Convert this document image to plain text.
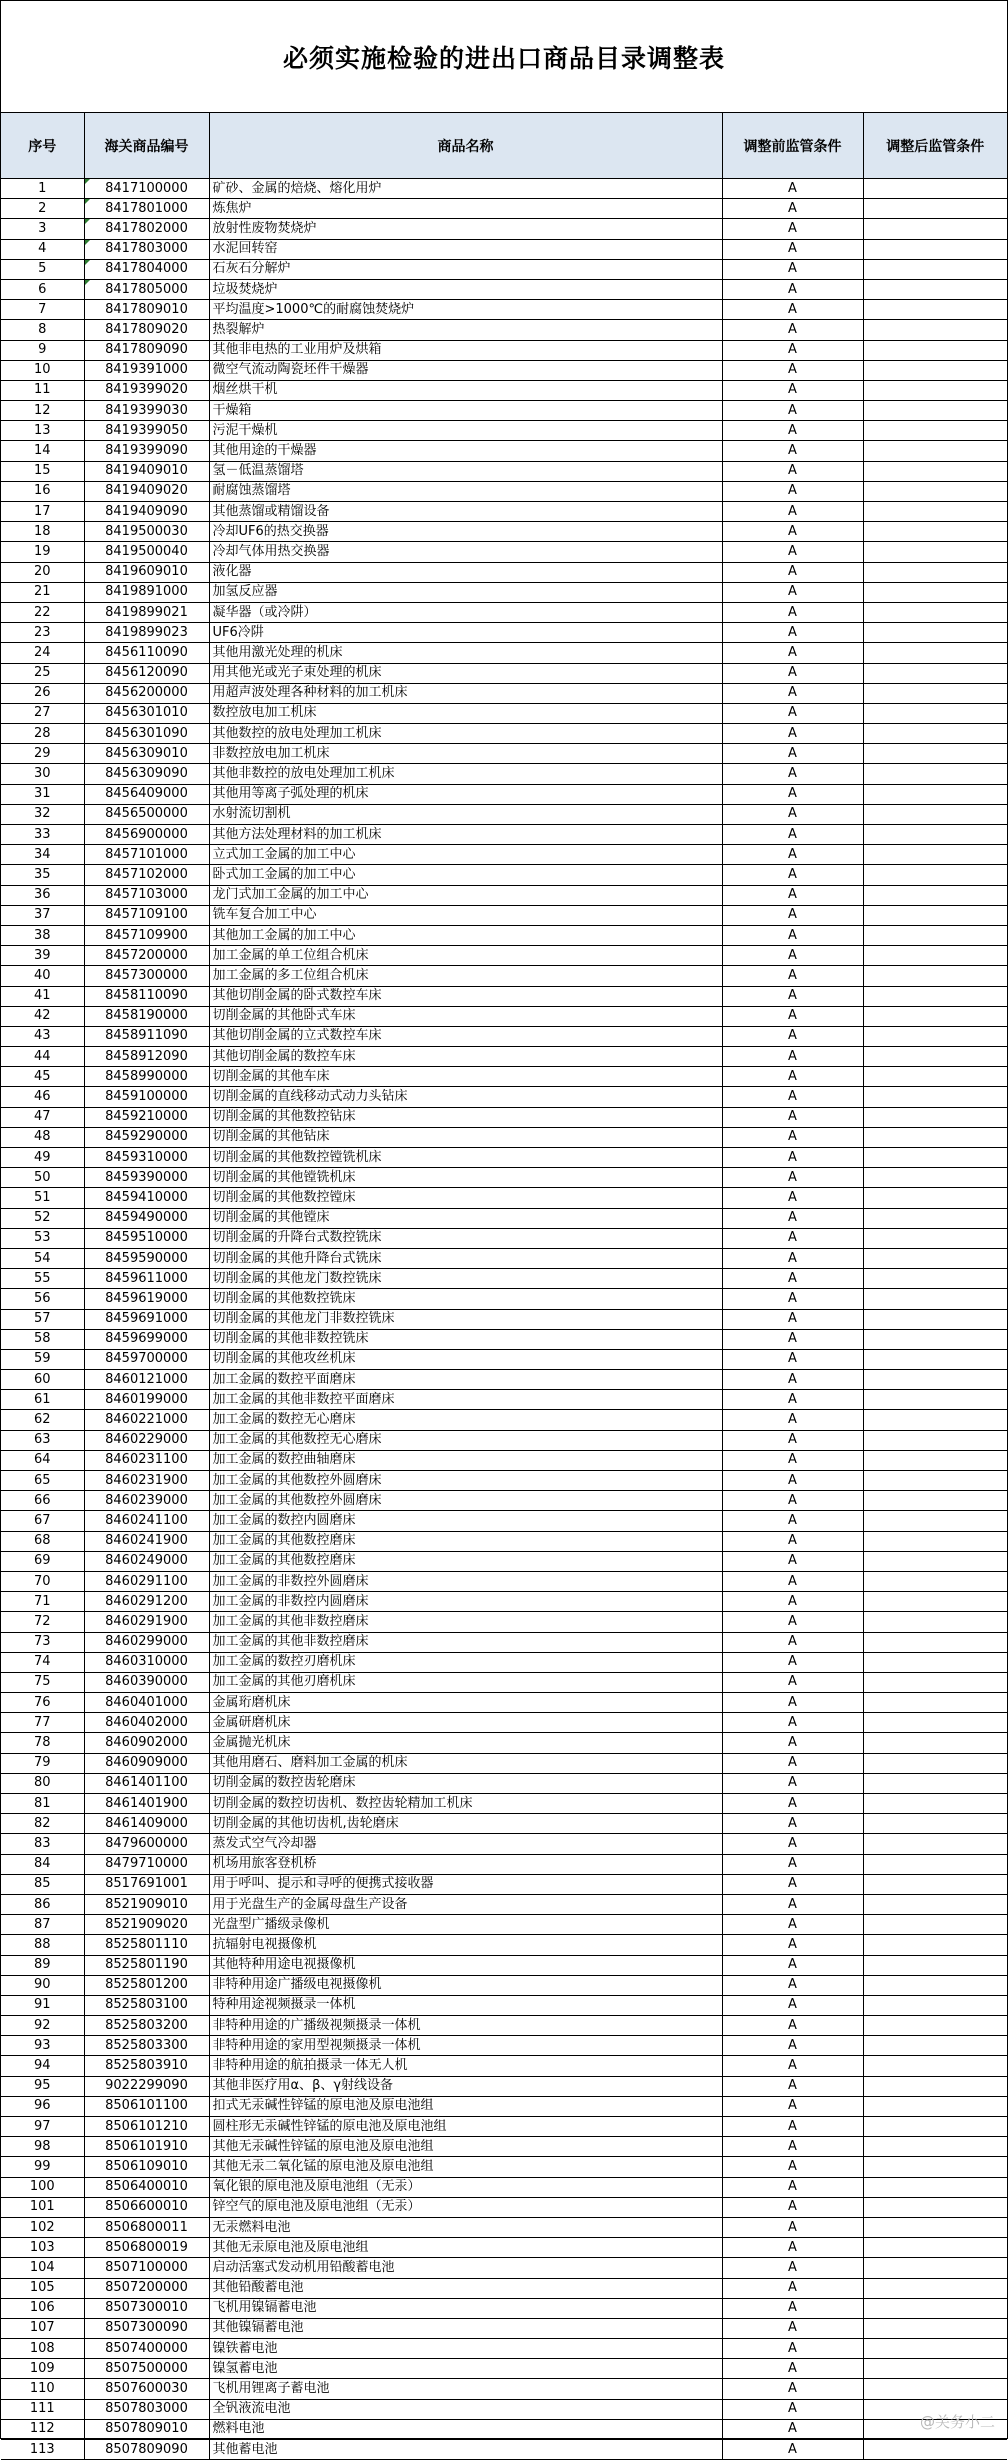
必须实施检验的进出口商品目录调整表
序号	海关商品编号	商品名称	调整前监管条件	调整后监管条件
1	8417100000	矿砂、金属的焙烧、熔化用炉	A	
2	8417801000	炼焦炉	A	
3	8417802000	放射性废物焚烧炉	A	
4	8417803000	水泥回转窑	A	
5	8417804000	石灰石分解炉	A	
6	8417805000	垃圾焚烧炉	A	
7	8417809010	平均温度>1000℃的耐腐蚀焚烧炉	A	
8	8417809020	热裂解炉	A	
9	8417809090	其他非电热的工业用炉及烘箱	A	
10	8419391000	微空气流动陶瓷坯件干燥器	A	
11	8419399020	烟丝烘干机	A	
12	8419399030	干燥箱	A	
13	8419399050	污泥干燥机	A	
14	8419399090	其他用途的干燥器	A	
15	8419409010	氢－低温蒸馏塔	A	
16	8419409020	耐腐蚀蒸馏塔	A	
17	8419409090	其他蒸馏或精馏设备	A	
18	8419500030	冷却UF6的热交换器	A	
19	8419500040	冷却气体用热交换器	A	
20	8419609010	液化器	A	
21	8419891000	加氢反应器	A	
22	8419899021	凝华器（或冷阱）	A	
23	8419899023	UF6冷阱	A	
24	8456110090	其他用激光处理的机床	A	
25	8456120090	用其他光或光子束处理的机床	A	
26	8456200000	用超声波处理各种材料的加工机床	A	
27	8456301010	数控放电加工机床	A	
28	8456301090	其他数控的放电处理加工机床	A	
29	8456309010	非数控放电加工机床	A	
30	8456309090	其他非数控的放电处理加工机床	A	
31	8456409000	其他用等离子弧处理的机床	A	
32	8456500000	水射流切割机	A	
33	8456900000	其他方法处理材料的加工机床	A	
34	8457101000	立式加工金属的加工中心	A	
35	8457102000	卧式加工金属的加工中心	A	
36	8457103000	龙门式加工金属的加工中心	A	
37	8457109100	铣车复合加工中心	A	
38	8457109900	其他加工金属的加工中心	A	
39	8457200000	加工金属的单工位组合机床	A	
40	8457300000	加工金属的多工位组合机床	A	
41	8458110090	其他切削金属的卧式数控车床	A	
42	8458190000	切削金属的其他卧式车床	A	
43	8458911090	其他切削金属的立式数控车床	A	
44	8458912090	其他切削金属的数控车床	A	
45	8458990000	切削金属的其他车床	A	
46	8459100000	切削金属的直线移动式动力头钻床	A	
47	8459210000	切削金属的其他数控钻床	A	
48	8459290000	切削金属的其他钻床	A	
49	8459310000	切削金属的其他数控镗铣机床	A	
50	8459390000	切削金属的其他镗铣机床	A	
51	8459410000	切削金属的其他数控镗床	A	
52	8459490000	切削金属的其他镗床	A	
53	8459510000	切削金属的升降台式数控铣床	A	
54	8459590000	切削金属的其他升降台式铣床	A	
55	8459611000	切削金属的其他龙门数控铣床	A	
56	8459619000	切削金属的其他数控铣床	A	
57	8459691000	切削金属的其他龙门非数控铣床	A	
58	8459699000	切削金属的其他非数控铣床	A	
59	8459700000	切削金属的其他攻丝机床	A	
60	8460121000	加工金属的数控平面磨床	A	
61	8460199000	加工金属的其他非数控平面磨床	A	
62	8460221000	加工金属的数控无心磨床	A	
63	8460229000	加工金属的其他数控无心磨床	A	
64	8460231100	加工金属的数控曲轴磨床	A	
65	8460231900	加工金属的其他数控外圆磨床	A	
66	8460239000	加工金属的其他数控外圆磨床	A	
67	8460241100	加工金属的数控内圆磨床	A	
68	8460241900	加工金属的其他数控磨床	A	
69	8460249000	加工金属的其他数控磨床	A	
70	8460291100	加工金属的非数控外圆磨床	A	
71	8460291200	加工金属的非数控内圆磨床	A	
72	8460291900	加工金属的其他非数控磨床	A	
73	8460299000	加工金属的其他非数控磨床	A	
74	8460310000	加工金属的数控刃磨机床	A	
75	8460390000	加工金属的其他刃磨机床	A	
76	8460401000	金属珩磨机床	A	
77	8460402000	金属研磨机床	A	
78	8460902000	金属抛光机床	A	
79	8460909000	其他用磨石、磨料加工金属的机床	A	
80	8461401100	切削金属的数控齿轮磨床	A	
81	8461401900	切削金属的数控切齿机、数控齿轮精加工机床	A	
82	8461409000	切削金属的其他切齿机,齿轮磨床	A	
83	8479600000	蒸发式空气冷却器	A	
84	8479710000	机场用旅客登机桥	A	
85	8517691001	用于呼叫、提示和寻呼的便携式接收器	A	
86	8521909010	用于光盘生产的金属母盘生产设备	A	
87	8521909020	光盘型广播级录像机	A	
88	8525801110	抗辐射电视摄像机	A	
89	8525801190	其他特种用途电视摄像机	A	
90	8525801200	非特种用途广播级电视摄像机	A	
91	8525803100	特种用途视频摄录一体机	A	
92	8525803200	非特种用途的广播级视频摄录一体机	A	
93	8525803300	非特种用途的家用型视频摄录一体机	A	
94	8525803910	非特种用途的航拍摄录一体无人机	A	
95	9022299090	其他非医疗用α、β、γ射线设备	A	
96	8506101100	扣式无汞碱性锌锰的原电池及原电池组	A	
97	8506101210	圆柱形无汞碱性锌锰的原电池及原电池组	A	
98	8506101910	其他无汞碱性锌锰的原电池及原电池组	A	
99	8506109010	其他无汞二氧化锰的原电池及原电池组	A	
100	8506400010	氧化银的原电池及原电池组（无汞）	A	
101	8506600010	锌空气的原电池及原电池组（无汞）	A	
102	8506800011	无汞燃料电池	A	
103	8506800019	其他无汞原电池及原电池组	A	
104	8507100000	启动活塞式发动机用铅酸蓄电池	A	
105	8507200000	其他铅酸蓄电池	A	
106	8507300010	飞机用镍镉蓄电池	A	
107	8507300090	其他镍镉蓄电池	A	
108	8507400000	镍铁蓄电池	A	
109	8507500000	镍氢蓄电池	A	
110	8507600030	飞机用锂离子蓄电池	A	
111	8507803000	全钒液流电池	A	
112	8507809010	燃料电池	A	
113	8507809090	其他蓄电池	A	
@关务小二
